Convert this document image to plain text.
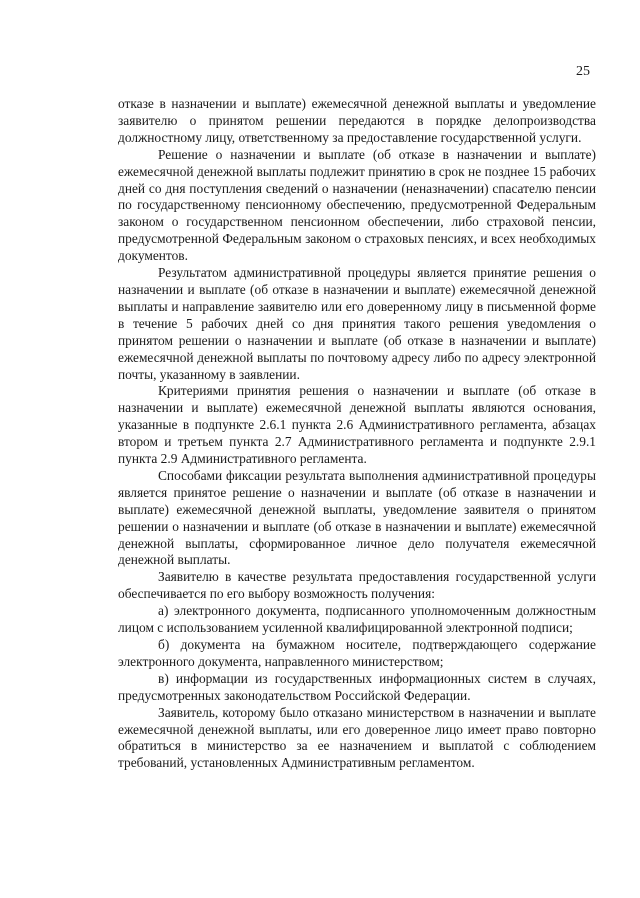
25

отказе в назначении и выплате) ежемесячной денежной выплаты и уведомление заявителю о принятом решении передаются в порядке делопроизводства должностному лицу, ответственному за предоставление государственной услуги.

Решение о назначении и выплате (об отказе в назначении и выплате) ежемесячной денежной выплаты подлежит принятию в срок не позднее 15 рабочих дней со дня поступления сведений о назначении (неназначении) спасателю пенсии по государственному пенсионному обеспечению, предусмотренной Федеральным законом о государственном пенсионном обеспечении, либо страховой пенсии, предусмотренной Федеральным законом о страховых пенсиях, и всех необходимых документов.

Результатом административной процедуры является принятие решения о назначении и выплате (об отказе в назначении и выплате) ежемесячной денежной выплаты и направление заявителю или его доверенному лицу в письменной форме в течение 5 рабочих дней со дня принятия такого решения уведомления о принятом решении о назначении и выплате (об отказе в назначении и выплате) ежемесячной денежной выплаты по почтовому адресу либо по адресу электронной почты, указанному в заявлении.

Критериями принятия решения о назначении и выплате (об отказе в назначении и выплате) ежемесячной денежной выплаты являются основания, указанные в подпункте 2.6.1 пункта 2.6 Административного регламента, абзацах втором и третьем пункта 2.7 Административного регламента и подпункте 2.9.1 пункта 2.9 Административного регламента.

Способами фиксации результата выполнения административной процедуры является принятое решение о назначении и выплате (об отказе в назначении и выплате) ежемесячной денежной выплаты, уведомление заявителя о принятом решении о назначении и выплате (об отказе в назначении и выплате) ежемесячной денежной выплаты, сформированное личное дело получателя ежемесячной денежной выплаты.

Заявителю в качестве результата предоставления государственной услуги обеспечивается по его выбору возможность получения:

а) электронного документа, подписанного уполномоченным должностным лицом с использованием усиленной квалифицированной электронной подписи;

б) документа на бумажном носителе, подтверждающего содержание электронного документа, направленного министерством;

в) информации из государственных информационных систем в случаях, предусмотренных законодательством Российской Федерации.

Заявитель, которому было отказано министерством в назначении и выплате ежемесячной денежной выплаты, или его доверенное лицо имеет право повторно обратиться в министерство за ее назначением и выплатой с соблюдением требований, установленных Административным регламентом.
